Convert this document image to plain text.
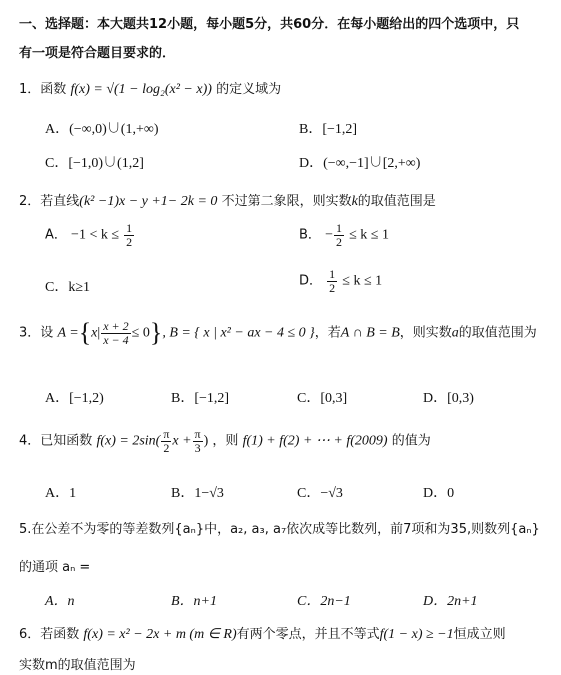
一、选择题：本大题共12小题，每小题5分，共60分．在每小题给出的四个选项中，只
有一项是符合题目要求的．
1．函数 f(x) = √(1 − log₂(x² − x)) 的定义域为
A．(−∞,0)∪(1,+∞)	B．[−1,2]
C．[−1,0)∪(1,2]	D．(−∞,−1]∪[2,+∞)
2．若直线(k² −1)x − y +1− 2k = 0 不过第二象限，则实数k的取值范围是
A． $-1 < k \le \frac{1}{2}$	B． − $\frac{1}{2} \le k \le 1$
C．k≥1	D． $\frac{1}{2} \le k \le 1$
3．设 $A =\{x| \frac{x + 2}{x - 4} \le 0\}$, B = { x | x² − ax − 4 ≤ 0 }，若A ∩ B = B，则实数a的取值范围为
A．[−1,2)	B．[−1,2]	C．[0,3]	D．[0,3)
4．已知函数 $f(x) = 2\sin( \frac{\pi}{2}$ $x + \frac{\pi}{3}$ ) ，则 f(1) + f(2) + ⋯ + f(2009) 的值为
A．1	B．1−√3	C．−√3	D．0
5.在公差不为零的等差数列{aₙ}中，a₂, a₃, a₇依次成等比数列，前7项和为35,则数列{aₙ}
的通项 aₙ =
A．n	B．n+1	C．2n−1	D．2n+1
6．若函数 f(x) = x² − 2x + m (m ∈ R)有两个零点，并且不等式f(1 − x) ≥ −1恒成立则
实数m的取值范围为
